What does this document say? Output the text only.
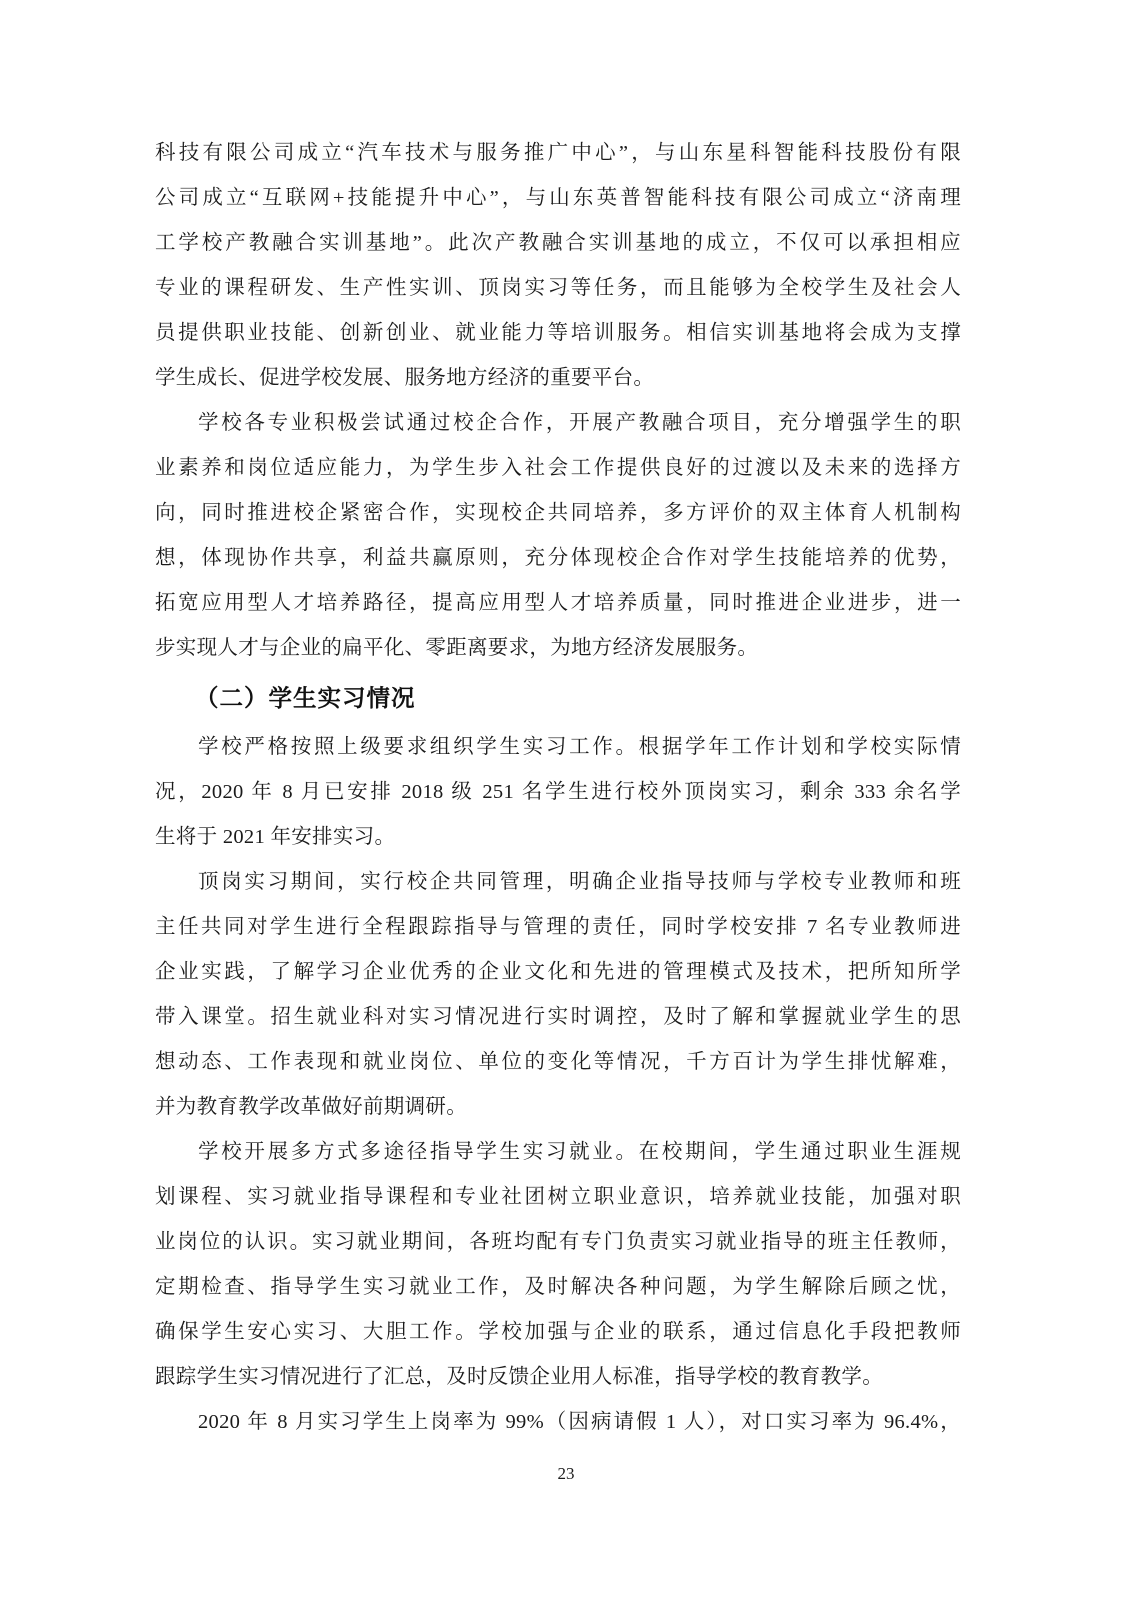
科技有限公司成立“汽车技术与服务推广中心”，与山东星科智能科技股份有限
公司成立“互联网+技能提升中心”，与山东英普智能科技有限公司成立“济南理
工学校产教融合实训基地”。此次产教融合实训基地的成立，不仅可以承担相应
专业的课程研发、生产性实训、顶岗实习等任务，而且能够为全校学生及社会人
员提供职业技能、创新创业、就业能力等培训服务。相信实训基地将会成为支撑
学生成长、促进学校发展、服务地方经济的重要平台。
学校各专业积极尝试通过校企合作，开展产教融合项目，充分增强学生的职
业素养和岗位适应能力，为学生步入社会工作提供良好的过渡以及未来的选择方
向，同时推进校企紧密合作，实现校企共同培养，多方评价的双主体育人机制构
想，体现协作共享，利益共赢原则，充分体现校企合作对学生技能培养的优势，
拓宽应用型人才培养路径，提高应用型人才培养质量，同时推进企业进步，进一
步实现人才与企业的扁平化、零距离要求，为地方经济发展服务。
（二）学生实习情况
学校严格按照上级要求组织学生实习工作。根据学年工作计划和学校实际情
况，2020 年 8 月已安排 2018 级 251 名学生进行校外顶岗实习，剩余 333 余名学
生将于 2021 年安排实习。
顶岗实习期间，实行校企共同管理，明确企业指导技师与学校专业教师和班
主任共同对学生进行全程跟踪指导与管理的责任，同时学校安排 7 名专业教师进
企业实践，了解学习企业优秀的企业文化和先进的管理模式及技术，把所知所学
带入课堂。招生就业科对实习情况进行实时调控，及时了解和掌握就业学生的思
想动态、工作表现和就业岗位、单位的变化等情况，千方百计为学生排忧解难，
并为教育教学改革做好前期调研。
学校开展多方式多途径指导学生实习就业。在校期间，学生通过职业生涯规
划课程、实习就业指导课程和专业社团树立职业意识，培养就业技能，加强对职
业岗位的认识。实习就业期间，各班均配有专门负责实习就业指导的班主任教师，
定期检查、指导学生实习就业工作，及时解决各种问题，为学生解除后顾之忧，
确保学生安心实习、大胆工作。学校加强与企业的联系，通过信息化手段把教师
跟踪学生实习情况进行了汇总，及时反馈企业用人标准，指导学校的教育教学。
2020 年 8 月实习学生上岗率为 99%（因病请假 1 人），对口实习率为 96.4%，
23
